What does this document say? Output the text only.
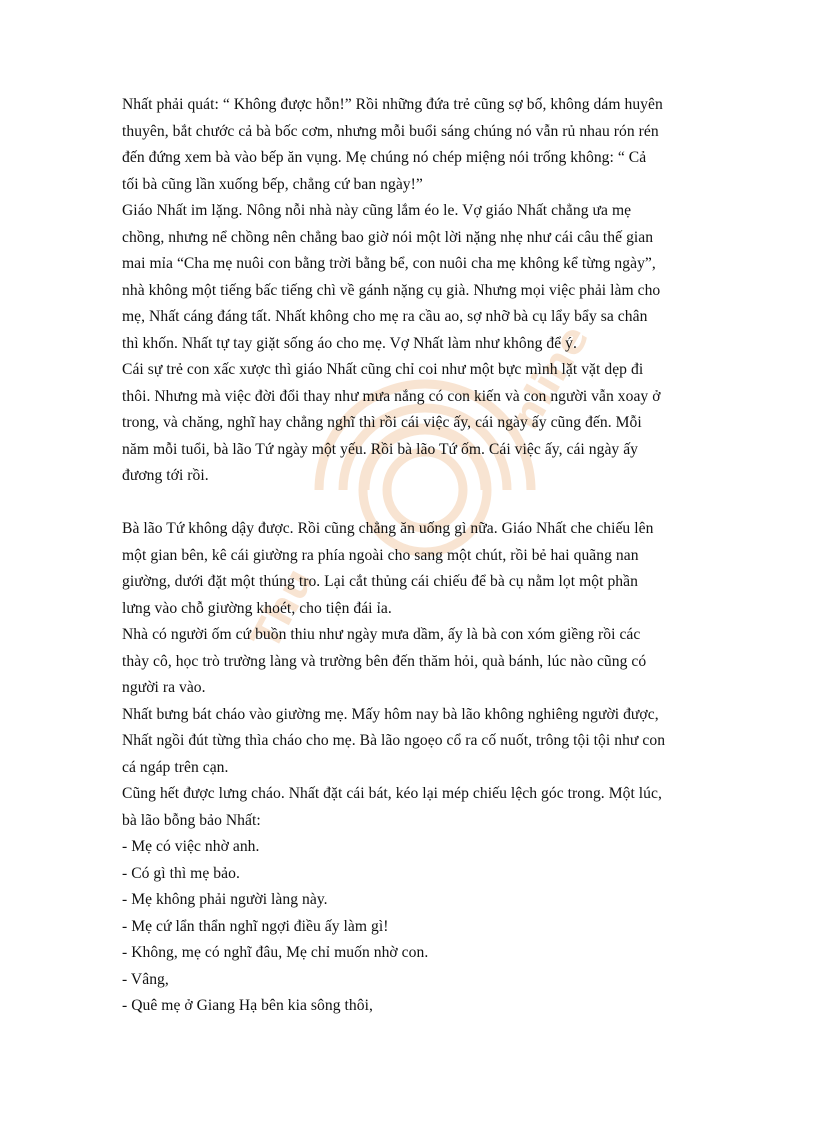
Thu
nline
Nhất phải quát: “ Không được hỗn!” Rồi những đứa trẻ cũng sợ bố, không dám huyên
thuyên, bắt chước cả bà bốc cơm, nhưng mỗi buổi sáng chúng nó vẫn rủ nhau rón rén
đến đứng xem bà vào bếp ăn vụng. Mẹ chúng nó chép miệng nói trống không: “ Cả
tối bà cũng lần xuống bếp, chẳng cứ ban ngày!”
Giáo Nhất im lặng. Nông nỗi nhà này cũng lắm éo le. Vợ giáo Nhất chẳng ưa mẹ
chồng, nhưng nể chồng nên chẳng bao giờ nói một lời nặng nhẹ như cái câu thế gian
mai mỉa “Cha mẹ nuôi con bằng trời bằng bể, con nuôi cha mẹ không kể từng ngày”,
nhà không một tiếng bấc tiếng chì về gánh nặng cụ già. Nhưng mọi việc phải làm cho
mẹ, Nhất cáng đáng tất. Nhất không cho mẹ ra cầu ao, sợ nhỡ bà cụ lẩy bẩy sa chân
thì khốn. Nhất tự tay giặt sống áo cho mẹ. Vợ Nhất làm như không để ý.
Cái sự trẻ con xấc xược thì giáo Nhất cũng chỉ coi như một bực mình lặt vặt dẹp đi
thôi. Nhưng mà việc đời đổi thay như mưa nắng có con kiến và con người vẫn xoay ở
trong, và chăng, nghĩ hay chẳng nghĩ thì rồi cái việc ấy, cái ngày ấy cũng đến. Mỗi
năm mỗi tuổi, bà lão Tứ ngày một yếu. Rồi bà lão Tứ ốm. Cái việc ấy, cái ngày ấy
đương tới rồi.
Bà lão Tứ không dậy được. Rồi cũng chẳng ăn uống gì nữa. Giáo Nhất che chiếu lên
một gian bên, kê cái giường ra phía ngoài cho sang một chút, rồi bẻ hai quãng nan
giường, dưới đặt một thúng tro. Lại cắt thủng cái chiếu để bà cụ nằm lọt một phần
lưng vào chỗ giường khoét, cho tiện đái ỉa.
Nhà có người ốm cứ buồn thiu như ngày mưa dầm, ấy là bà con xóm giềng rồi các
thày cô, học trò trường làng và trường bên đến thăm hỏi, quà bánh, lúc nào cũng có
người ra vào.
Nhất bưng bát cháo vào giường mẹ. Mấy hôm nay bà lão không nghiêng người được,
Nhất ngồi đút từng thìa cháo cho mẹ. Bà lão ngoẹo cổ ra cố nuốt, trông tội tội như con
cá ngáp trên cạn.
Cũng hết được lưng cháo. Nhất đặt cái bát, kéo lại mép chiếu lệch góc trong. Một lúc,
bà lão bỗng bảo Nhất:
- Mẹ có việc nhờ anh.
- Có gì thì mẹ bảo.
- Mẹ không phải người làng này.
- Mẹ cứ lẩn thẩn nghĩ ngợi điều ấy làm gì!
- Không, mẹ có nghĩ đâu, Mẹ chỉ muốn nhờ con.
- Vâng,
- Quê mẹ ở Giang Hạ bên kia sông thôi,
